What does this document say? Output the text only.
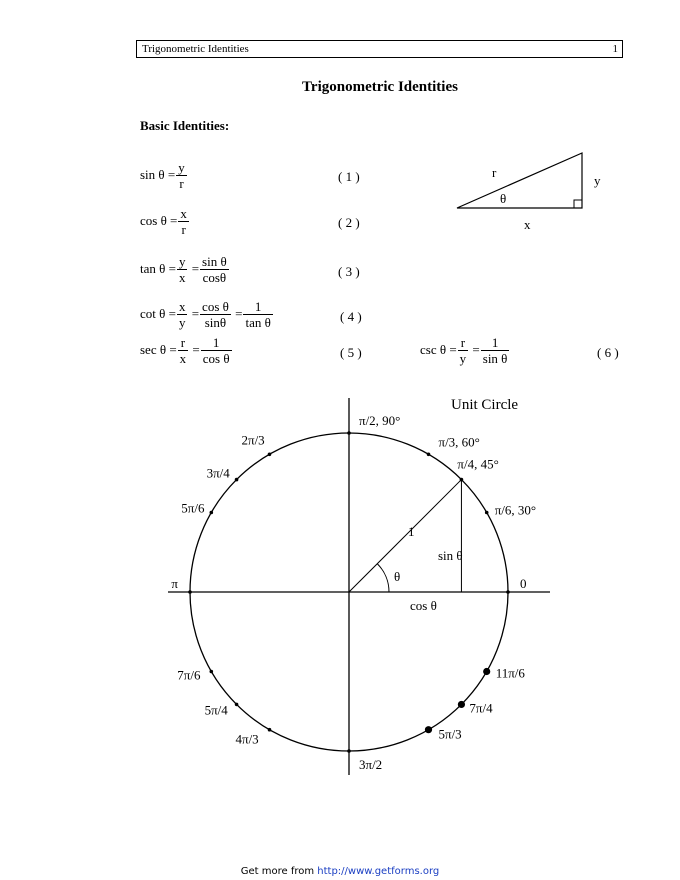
Trigonometric Identities	1
Trigonometric Identities
Basic Identities:
$\sin \theta = \frac{y}{r}$	( 1 )
$\cos \theta = \frac{x}{r}$	( 2 )
$\tan \theta = \frac{y}{x} = \frac{\text{sin θ}}{\cos\theta}$	( 3 )
$\cot \theta = \frac{x}{y} = \frac{\text{cos θ}}{\sin\theta} = \frac{1}{\text{tan θ}}$	( 4 )
$\sec \theta = \frac{r}{x} = \frac{1}{\text{cos θ}}$	( 5 )	$\csc \theta = \frac{r}{y} = \frac{1}{\text{sin θ}}$	( 6 )
r
y
x
θ
0
π/6, 30°
π/4, 45°
π/3, 60°
π/2, 90°
2π/3
3π/4
5π/6
π
7π/6
5π/4
4π/3
3π/2
5π/3
7π/4
11π/6
Unit Circle
1
θ
sin θ
cos θ
Get more from http://www.getforms.org
